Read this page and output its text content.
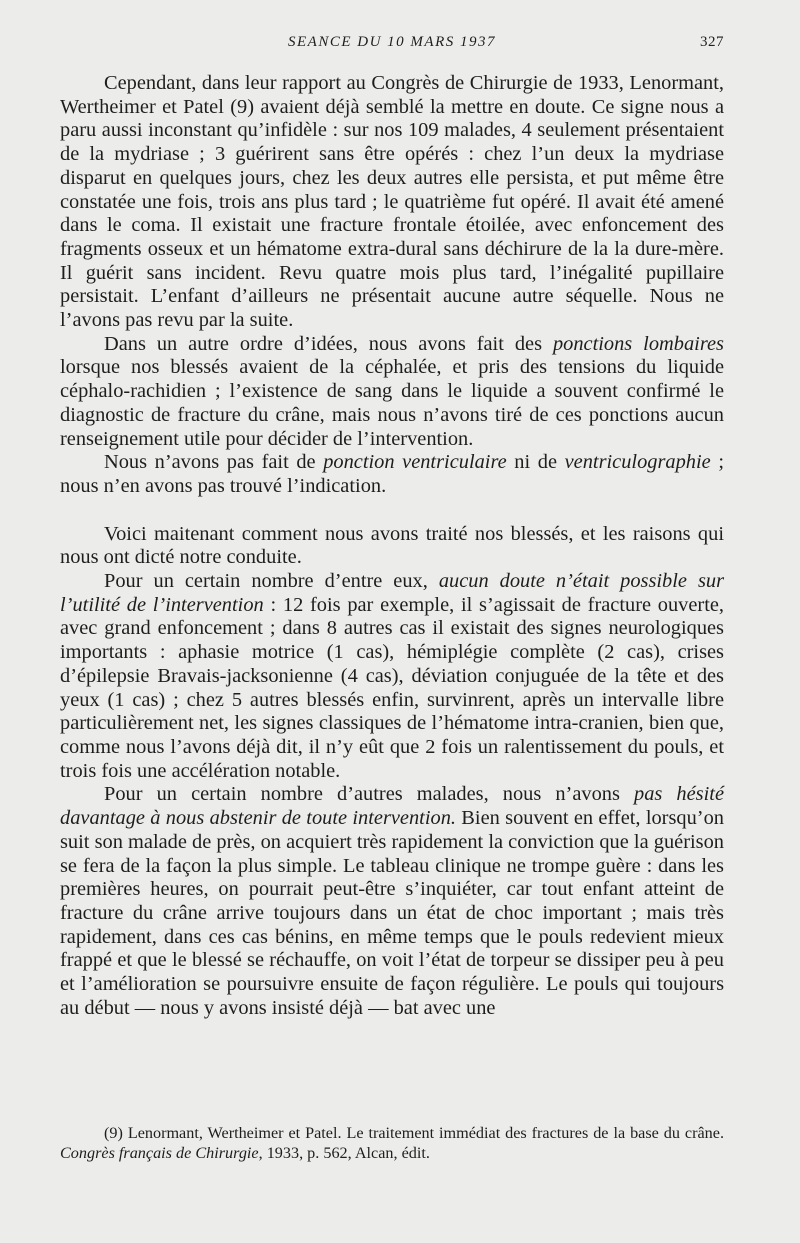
SEANCE DU 10 MARS 1937	327

Cependant, dans leur rapport au Congrès de Chirurgie de 1933, Lenormant, Wertheimer et Patel (9) avaient déjà semblé la mettre en doute. Ce signe nous a paru aussi inconstant qu’infidèle : sur nos 109 malades, 4 seulement présentaient de la mydriase ; 3 guérirent sans être opérés : chez l’un deux la mydriase disparut en quelques jours, chez les deux autres elle persista, et put même être constatée une fois, trois ans plus tard ; le quatrième fut opéré. Il avait été amené dans le coma. Il existait une fracture frontale étoilée, avec enfoncement des fragments osseux et un hématome extra-dural sans déchirure de la la dure-mère. Il guérit sans incident. Revu quatre mois plus tard, l’inégalité pupillaire persistait. L’enfant d’ailleurs ne présentait aucune autre séquelle. Nous ne l’avons pas revu par la suite.

Dans un autre ordre d’idées, nous avons fait des ponctions lombaires lorsque nos blessés avaient de la céphalée, et pris des tensions du liquide céphalo-rachidien ; l’existence de sang dans le liquide a souvent confirmé le diagnostic de fracture du crâne, mais nous n’avons tiré de ces ponctions aucun renseignement utile pour décider de l’intervention.

Nous n’avons pas fait de ponction ventriculaire ni de ventriculographie ; nous n’en avons pas trouvé l’indication.

Voici maitenant comment nous avons traité nos blessés, et les raisons qui nous ont dicté notre conduite.

Pour un certain nombre d’entre eux, aucun doute n’était possible sur l’utilité de l’intervention : 12 fois par exemple, il s’agissait de fracture ouverte, avec grand enfoncement ; dans 8 autres cas il existait des signes neurologiques importants : aphasie motrice (1 cas), hémiplégie complète (2 cas), crises d’épilepsie Bravais-jacksonienne (4 cas), déviation conjuguée de la tête et des yeux (1 cas) ; chez 5 autres blessés enfin, survinrent, après un intervalle libre particulièrement net, les signes classiques de l’hématome intra-cranien, bien que, comme nous l’avons déjà dit, il n’y eût que 2 fois un ralentissement du pouls, et trois fois une accélération notable.

Pour un certain nombre d’autres malades, nous n’avons pas hésité davantage à nous abstenir de toute intervention. Bien souvent en effet, lorsqu’on suit son malade de près, on acquiert très rapidement la conviction que la guérison se fera de la façon la plus simple. Le tableau clinique ne trompe guère : dans les premières heures, on pourrait peut-être s’inquiéter, car tout enfant atteint de fracture du crâne arrive toujours dans un état de choc important ; mais très rapidement, dans ces cas bénins, en même temps que le pouls redevient mieux frappé et que le blessé se réchauffe, on voit l’état de torpeur se dissiper peu à peu et l’amélioration se poursuivre ensuite de façon régulière. Le pouls qui toujours au début — nous y avons insisté déjà — bat avec une

(9) Lenormant, Wertheimer et Patel. Le traitement immédiat des fractures de la base du crâne. Congrès français de Chirurgie, 1933, p. 562, Alcan, édit.
